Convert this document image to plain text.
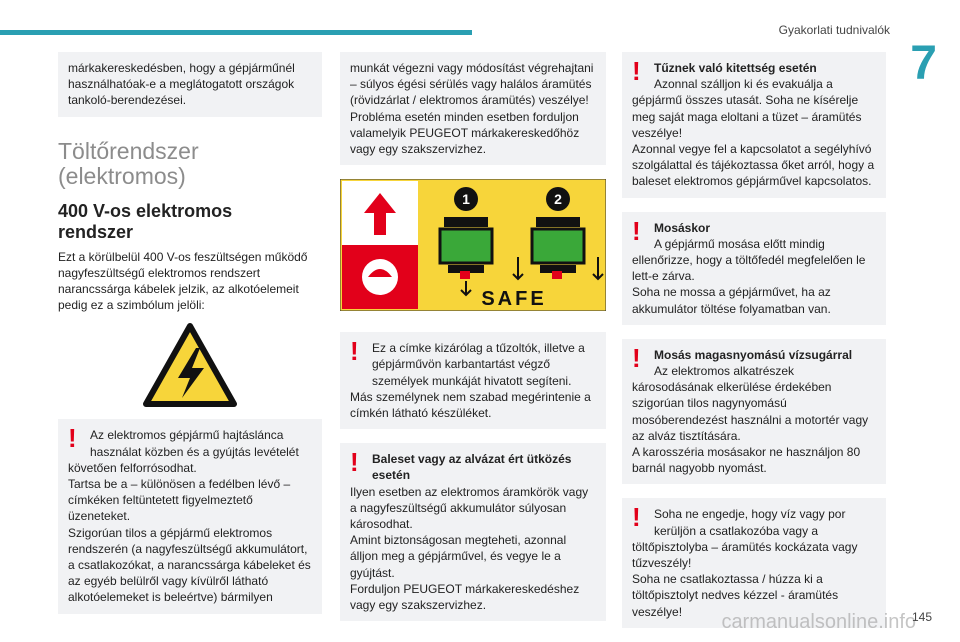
Gyakorlati tudnivalók
7
márkakereskedésben, hogy a gépjárműnél használhatóak-e a meglátogatott országok tankoló-berendezései.
Töltőrendszer
(elektromos)
400 V-os elektromos
rendszer
Ezt a körülbelül 400 V-os feszültségen működő nagyfeszültségű elektromos rendszert narancssárga kábelek jelzik, az alkotóelemeit pedig ez a szimbólum jelöli:
!	Az elektromos gépjármű hajtáslánca
használat közben és a gyújtás levételét követően felforrósodhat.
Tartsa be a – különösen a fedélben lévő – címkéken feltüntetett figyelmeztető üzeneteket.
Szigorúan tilos a gépjármű elektromos rendszerén (a nagyfeszültségű akkumulátort, a csatlakozókat, a narancssárga kábeleket és az egyéb belülről vagy kívülről látható alkotóelemeket is beleértve) bármilyen
munkát végezni vagy módosítást végrehajtani – súlyos égési sérülés vagy halálos áramütés (rövidzárlat / elektromos áramütés) veszélye! Probléma esetén minden esetben forduljon valamelyik PEUGEOT márkakereskedőhöz vagy egy szakszervizhez.
1	2
SAFE
!	Ez a címke kizárólag a tűzoltók, illetve a
gépjárművön karbantartást végző személyek munkáját hivatott segíteni.
Más személynek nem szabad megérintenie a címkén látható készüléket.
!	Baleset vagy az alvázat ért ütközés
esetén
Ilyen esetben az elektromos áramkörök vagy a nagyfeszültségű akkumulátor súlyosan károsodhat.
Amint biztonságosan megteheti, azonnal álljon meg a gépjárművel, és vegye le a gyújtást.
Forduljon PEUGEOT márkakereskedéshez vagy egy szakszervizhez.
!	Tűznek való kitettség esetén
Azonnal szálljon ki és evakuálja a gépjármű összes utasát. Soha ne kísérelje meg saját maga eloltani a tüzet – áramütés veszélye!
Azonnal vegye fel a kapcsolatot a segélyhívó szolgálattal és tájékoztassa őket arról, hogy a baleset elektromos gépjárművel kapcsolatos.
!	Mosáskor
A gépjármű mosása előtt mindig ellenőrizze, hogy a töltőfedél megfelelően le lett-e zárva.
Soha ne mossa a gépjárművet, ha az akkumulátor töltése folyamatban van.
!	Mosás magasnyomású vízsugárral
Az elektromos alkatrészek károsodásának elkerülése érdekében szigorúan tilos nagynyomású mosóberendezést használni a motortér vagy az alváz tisztítására.
A karosszéria mosásakor ne használjon 80 barnál nagyobb nyomást.
!	Soha ne engedje, hogy víz vagy por
kerüljön a csatlakozóba vagy a töltőpisztolyba – áramütés kockázata vagy tűzveszély!
Soha ne csatlakoztassa / húzza ki a töltőpisztolyt nedves kézzel - áramütés veszélye!	carmanualsonline.info
145
